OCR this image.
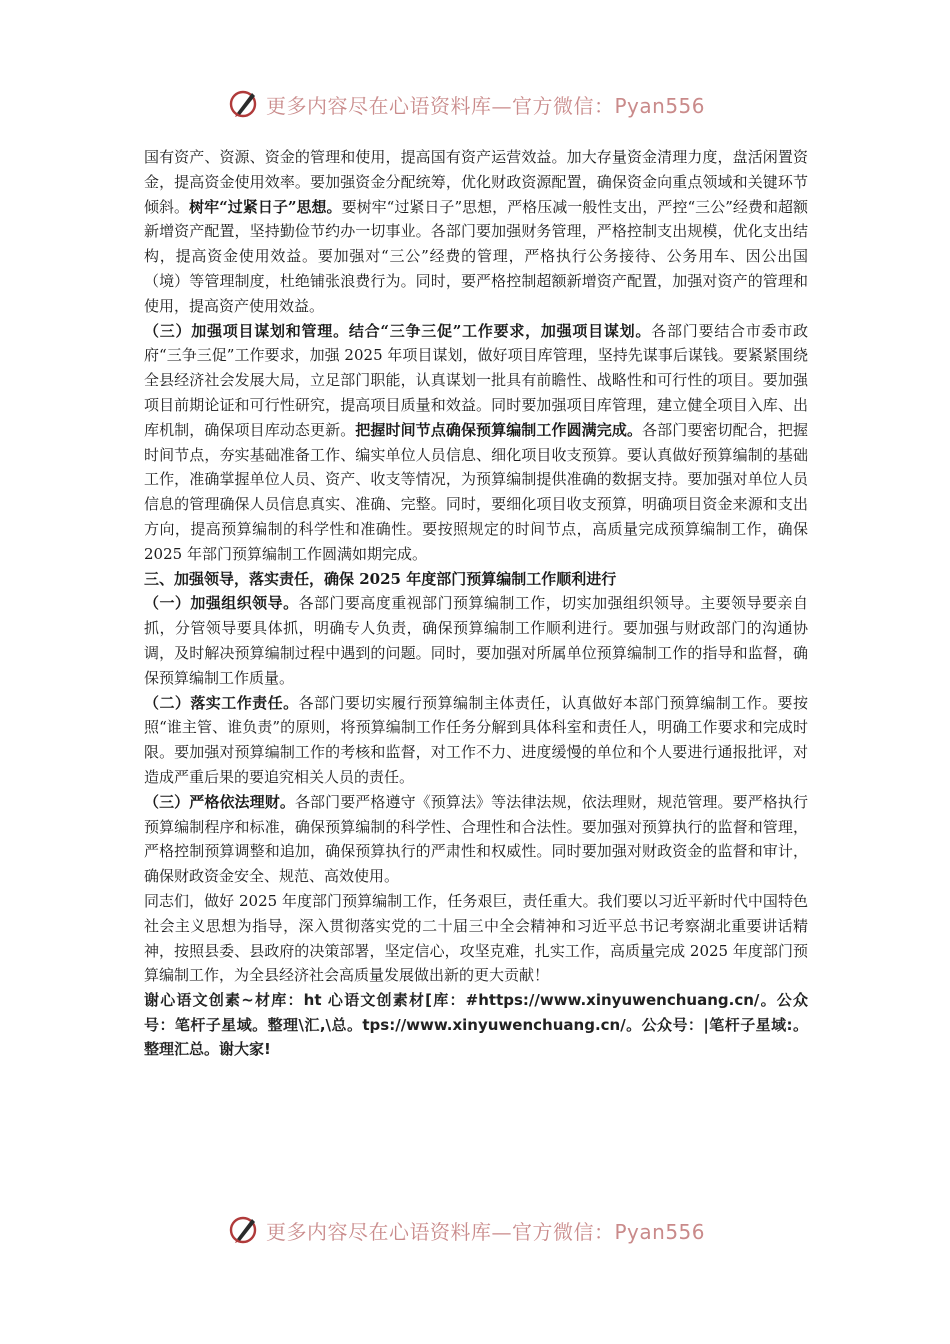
更多内容尽在心语资料库—官方微信：Pyan556

国有资产、资源、资金的管理和使用，提高国有资产运营效益。加大存量资金清理力度，盘活闲置资金，提高资金使用效率。要加强资金分配统筹，优化财政资源配置，确保资金向重点领域和关键环节倾斜。树牢“过紧日子”思想。要树牢“过紧日子”思想，严格压减一般性支出，严控“三公”经费和超额新增资产配置，坚持勤俭节约办一切事业。各部门要加强财务管理，严格控制支出规模，优化支出结构，提高资金使用效益。要加强对“三公”经费的管理，严格执行公务接待、公务用车、因公出国（境）等管理制度，杜绝铺张浪费行为。同时，要严格控制超额新增资产配置，加强对资产的管理和使用，提高资产使用效益。

（三）加强项目谋划和管理。结合“三争三促”工作要求，加强项目谋划。各部门要结合市委市政府“三争三促”工作要求，加强 2025 年项目谋划，做好项目库管理，坚持先谋事后谋钱。要紧紧围绕全县经济社会发展大局，立足部门职能，认真谋划一批具有前瞻性、战略性和可行性的项目。要加强项目前期论证和可行性研究，提高项目质量和效益。同时要加强项目库管理，建立健全项目入库、出库机制，确保项目库动态更新。把握时间节点确保预算编制工作圆满完成。各部门要密切配合，把握时间节点，夯实基础准备工作、编实单位人员信息、细化项目收支预算。要认真做好预算编制的基础工作，准确掌握单位人员、资产、收支等情况，为预算编制提供准确的数据支持。要加强对单位人员信息的管理确保人员信息真实、准确、完整。同时，要细化项目收支预算，明确项目资金来源和支出方向，提高预算编制的科学性和准确性。要按照规定的时间节点，高质量完成预算编制工作，确保 2025 年部门预算编制工作圆满如期完成。

三、加强领导，落实责任，确保 2025 年度部门预算编制工作顺利进行

（一）加强组织领导。各部门要高度重视部门预算编制工作，切实加强组织领导。主要领导要亲自抓，分管领导要具体抓，明确专人负责，确保预算编制工作顺利进行。要加强与财政部门的沟通协调，及时解决预算编制过程中遇到的问题。同时，要加强对所属单位预算编制工作的指导和监督，确保预算编制工作质量。

（二）落实工作责任。各部门要切实履行预算编制主体责任，认真做好本部门预算编制工作。要按照“谁主管、谁负责”的原则，将预算编制工作任务分解到具体科室和责任人，明确工作要求和完成时限。要加强对预算编制工作的考核和监督，对工作不力、进度缓慢的单位和个人要进行通报批评，对造成严重后果的要追究相关人员的责任。

（三）严格依法理财。各部门要严格遵守《预算法》等法律法规，依法理财，规范管理。要严格执行预算编制程序和标准，确保预算编制的科学性、合理性和合法性。要加强对预算执行的监督和管理，严格控制预算调整和追加，确保预算执行的严肃性和权威性。同时要加强对财政资金的监督和审计，确保财政资金安全、规范、高效使用。

同志们，做好 2025 年度部门预算编制工作，任务艰巨，责任重大。我们要以习近平新时代中国特色社会主义思想为指导，深入贯彻落实党的二十届三中全会精神和习近平总书记考察湖北重要讲话精神，按照县委、县政府的决策部署，坚定信心，攻坚克难，扎实工作，高质量完成 2025 年度部门预算编制工作，为全县经济社会高质量发展做出新的更大贡献！

谢心语文创素~材库：ht 心语文创素材[库：#https://www.xinyuwenchuang.cn/。公众号：笔杆子星域。整理\汇,\总。tps://www.xinyuwenchuang.cn/。公众号：|笔杆子星域:。整理汇总。谢大家!

更多内容尽在心语资料库—官方微信：Pyan556
